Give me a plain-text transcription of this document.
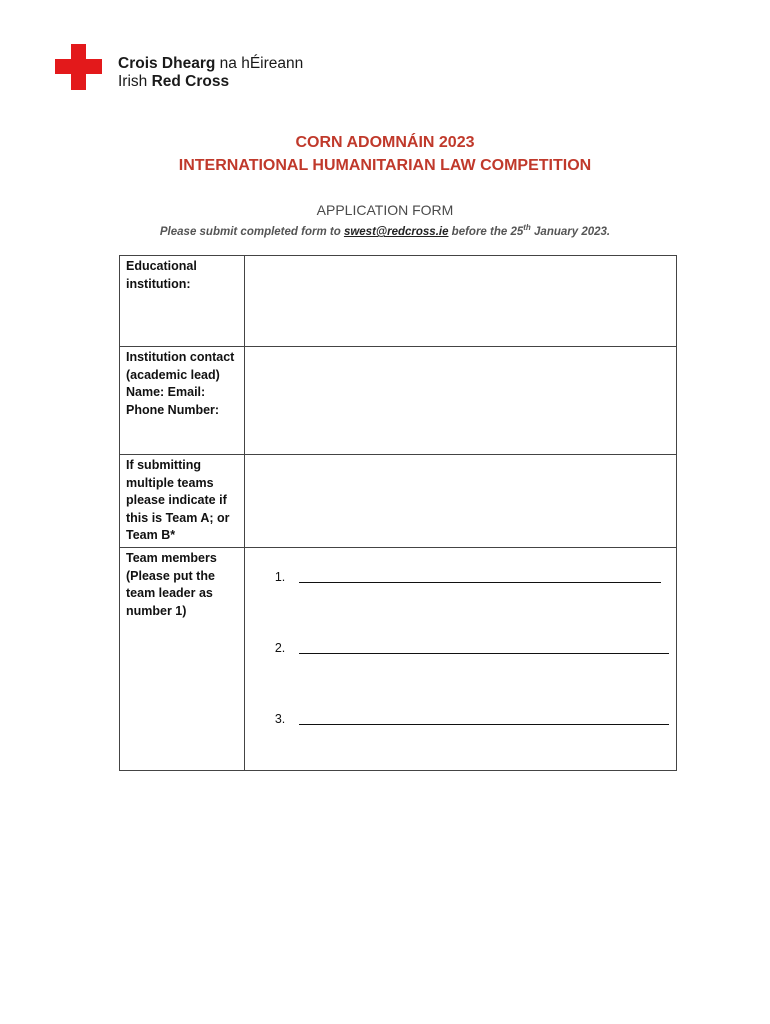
Crois Dhearg na hÉireann
Irish Red Cross
CORN ADOMNÁIN 2023
INTERNATIONAL HUMANITARIAN LAW COMPETITION
APPLICATION FORM
Please submit completed form to swest@redcross.ie before the 25th January 2023.
Educational institution:	
Institution contact (academic lead) Name: Email: Phone Number:	
If submitting multiple teams please indicate if this is Team A; or Team B*	
Team members (Please put the team leader as number 1)	1.
2.
3.
